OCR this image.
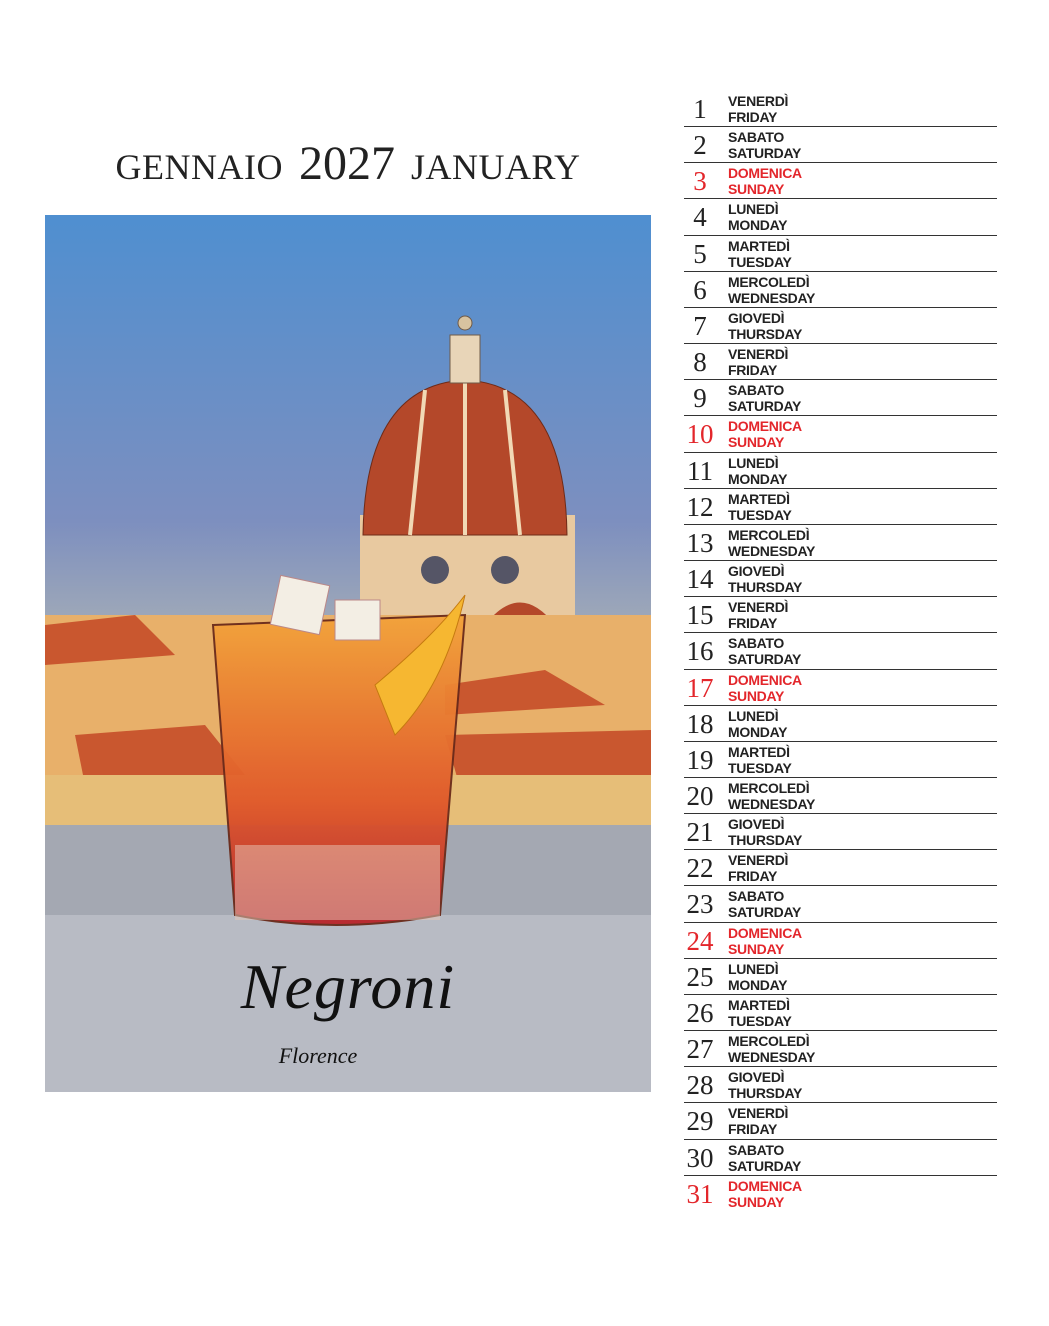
GENNAIO 2027 JANUARY
Negroni
Florence
1	VENERDÌ
FRIDAY
2	SABATO
SATURDAY
3	DOMENICA
SUNDAY
4	LUNEDÌ
MONDAY
5	MARTEDÌ
TUESDAY
6	MERCOLEDÌ
WEDNESDAY
7	GIOVEDÌ
THURSDAY
8	VENERDÌ
FRIDAY
9	SABATO
SATURDAY
10 DOMENICA
SUNDAY
11 LUNEDÌ
MONDAY
12 MARTEDÌ
TUESDAY
13 MERCOLEDÌ
WEDNESDAY
14 GIOVEDÌ
THURSDAY
15 VENERDÌ
FRIDAY
16 SABATO
SATURDAY
17 DOMENICA
SUNDAY
18 LUNEDÌ
MONDAY
19 MARTEDÌ
TUESDAY
20 MERCOLEDÌ
WEDNESDAY
21 GIOVEDÌ
THURSDAY
22 VENERDÌ
FRIDAY
23 SABATO
SATURDAY
24 DOMENICA
SUNDAY
25 LUNEDÌ
MONDAY
26 MARTEDÌ
TUESDAY
27 MERCOLEDÌ
WEDNESDAY
28 GIOVEDÌ
THURSDAY
29 VENERDÌ
FRIDAY
30 SABATO
SATURDAY
31 DOMENICA
SUNDAY
